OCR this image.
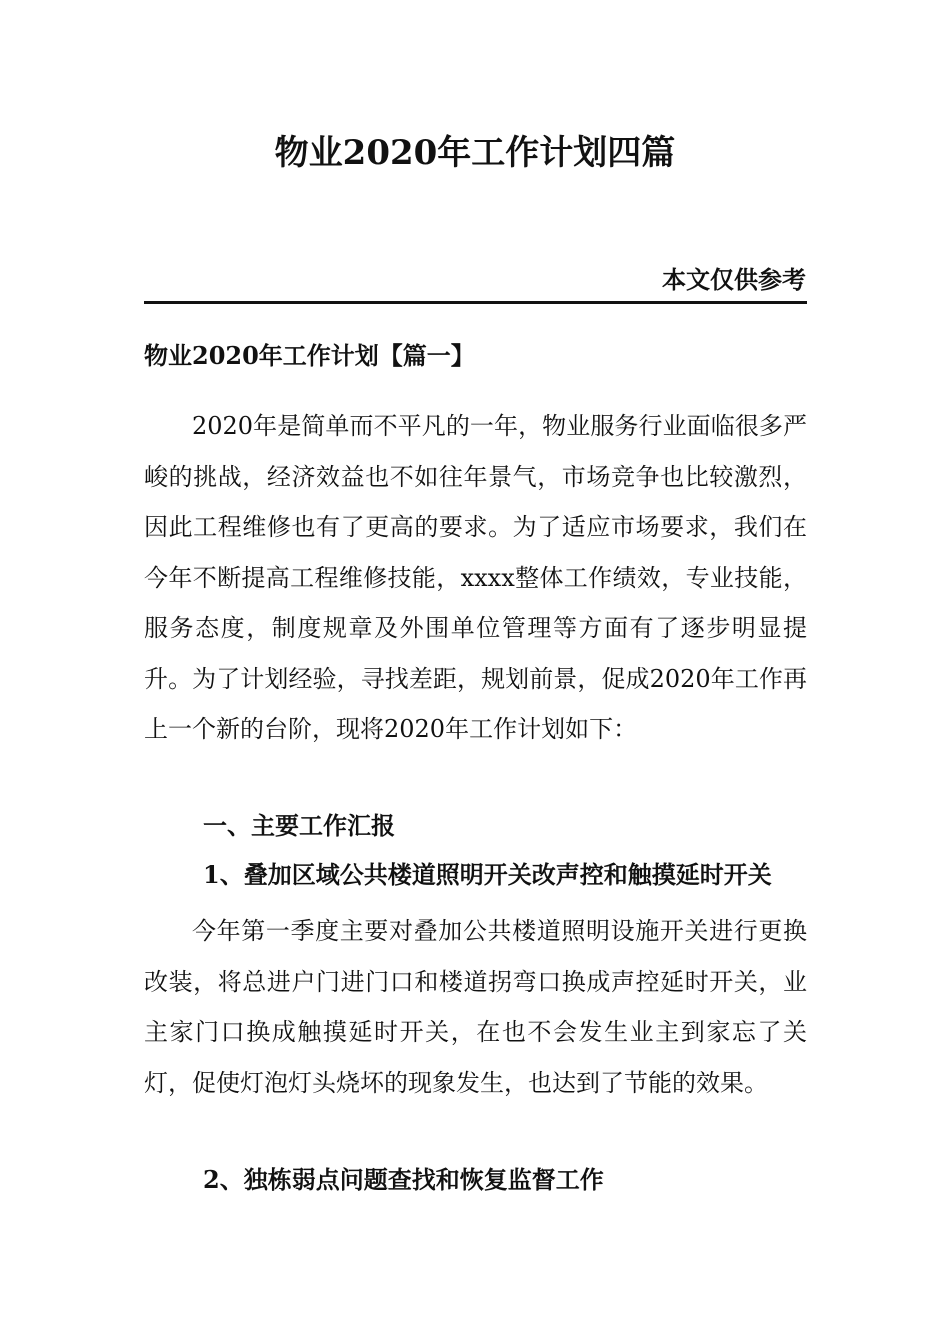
物业2020年工作计划四篇
本文仅供参考
物业2020年工作计划【篇一】

2020年是简单而不平凡的一年，物业服务行业面临很多严峻的挑战，经济效益也不如往年景气，市场竞争也比较激烈，因此工程维修也有了更高的要求。为了适应市场要求，我们在今年不断提高工程维修技能，xxxx整体工作绩效，专业技能，服务态度，制度规章及外围单位管理等方面有了逐步明显提升。为了计划经验，寻找差距，规划前景，促成2020年工作再上一个新的台阶，现将2020年工作计划如下：

一、主要工作汇报
1、叠加区域公共楼道照明开关改声控和触摸延时开关

今年第一季度主要对叠加公共楼道照明设施开关进行更换改装，将总进户门进门口和楼道拐弯口换成声控延时开关，业主家门口换成触摸延时开关，在也不会发生业主到家忘了关灯，促使灯泡灯头烧坏的现象发生，也达到了节能的效果。

2、独栋弱点问题查找和恢复监督工作
